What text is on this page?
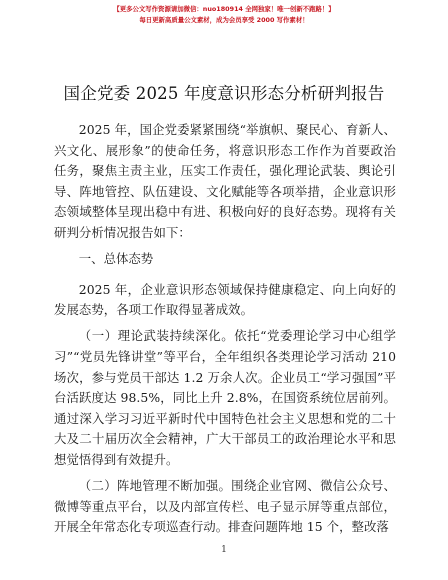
【更多公文写作资源请加微信：nuo180914 全网独家！唯一创新不跑路！】
每日更新高质量公文素材，成为会员享受 2000 写作素材！
国企党委 2025 年度意识形态分析研判报告

2025 年，国企党委紧紧围绕“举旗帜、聚民心、育新人、兴文化、展形象”的使命任务，将意识形态工作作为首要政治任务，聚焦主责主业，压实工作责任，强化理论武装、舆论引导、阵地管控、队伍建设、文化赋能等各项举措，企业意识形态领域整体呈现出稳中有进、积极向好的良好态势。现将有关研判分析情况报告如下：

一、总体态势

2025 年，企业意识形态领域保持健康稳定、向上向好的发展态势，各项工作取得显著成效。

（一）理论武装持续深化。依托“党委理论学习中心组学习”“党员先锋讲堂”等平台，全年组织各类理论学习活动 210 场次，参与党员干部达 1.2 万余人次。企业员工“学习强国”平台活跃度达 98.5%，同比上升 2.8%，在国资系统位居前列。通过深入学习习近平新时代中国特色社会主义思想和党的二十大及二十届历次全会精神，广大干部员工的政治理论水平和思想觉悟得到有效提升。

（二）阵地管理不断加强。围绕企业官网、微信公众号、微博等重点平台，以及内部宣传栏、电子显示屏等重点部位，开展全年常态化专项巡查行动。排查问题阵地 15 个，整改落

1
